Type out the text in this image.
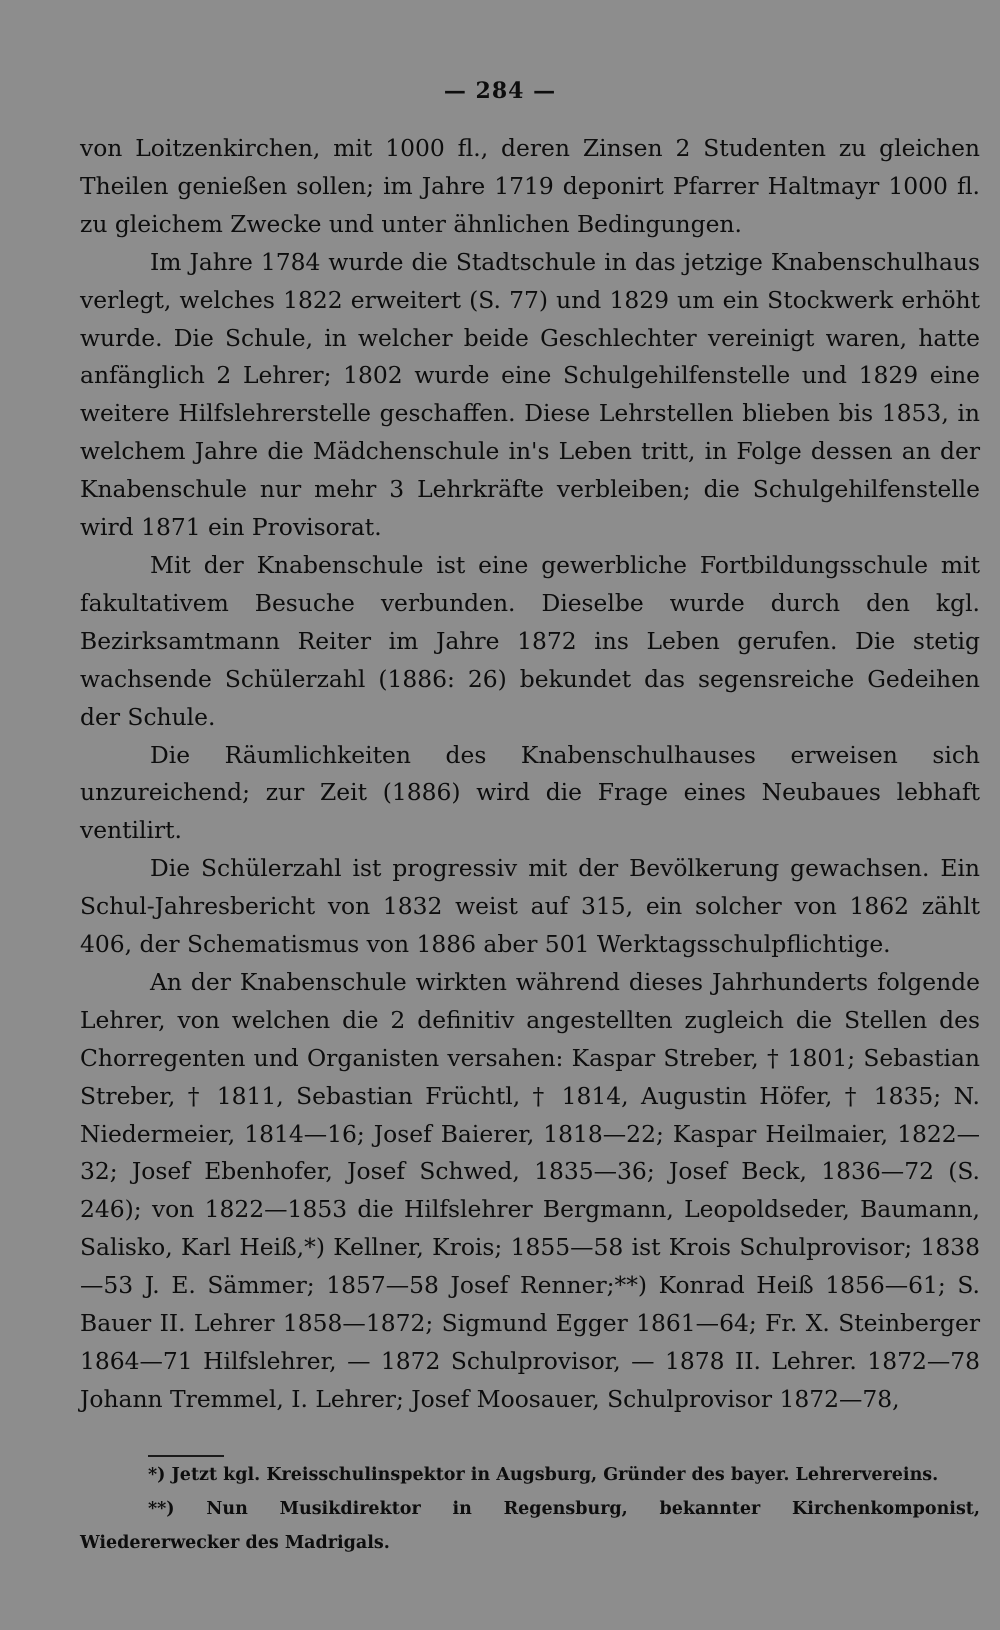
— 284 —

von Loitzenkirchen, mit 1000 fl., deren Zinsen 2 Studenten zu gleichen Theilen genießen sollen; im Jahre 1719 deponirt Pfarrer Haltmayr 1000 fl. zu gleichem Zwecke und unter ähnlichen Bedingungen.

Im Jahre 1784 wurde die Stadtschule in das jetzige Knabenschulhaus verlegt, welches 1822 erweitert (S. 77) und 1829 um ein Stockwerk erhöht wurde. Die Schule, in welcher beide Geschlechter vereinigt waren, hatte anfänglich 2 Lehrer; 1802 wurde eine Schulgehilfenstelle und 1829 eine weitere Hilfslehrerstelle geschaffen. Diese Lehrstellen blieben bis 1853, in welchem Jahre die Mädchenschule in's Leben tritt, in Folge dessen an der Knabenschule nur mehr 3 Lehrkräfte verbleiben; die Schulgehilfenstelle wird 1871 ein Provisorat.

Mit der Knabenschule ist eine gewerbliche Fortbildungsschule mit fakultativem Besuche verbunden. Dieselbe wurde durch den kgl. Bezirksamtmann Reiter im Jahre 1872 ins Leben gerufen. Die stetig wachsende Schülerzahl (1886: 26) bekundet das segensreiche Gedeihen der Schule.

Die Räumlichkeiten des Knabenschulhauses erweisen sich unzureichend; zur Zeit (1886) wird die Frage eines Neubaues lebhaft ventilirt.

Die Schülerzahl ist progressiv mit der Bevölkerung gewachsen. Ein Schul-Jahresbericht von 1832 weist auf 315, ein solcher von 1862 zählt 406, der Schematismus von 1886 aber 501 Werktagsschulpflichtige.

An der Knabenschule wirkten während dieses Jahrhunderts folgende Lehrer, von welchen die 2 definitiv angestellten zugleich die Stellen des Chorregenten und Organisten versahen: Kaspar Streber, † 1801; Sebastian Streber, † 1811, Sebastian Früchtl, † 1814, Augustin Höfer, † 1835; N. Niedermeier, 1814—16; Josef Baierer, 1818—22; Kaspar Heilmaier, 1822—32; Josef Ebenhofer, Josef Schwed, 1835—36; Josef Beck, 1836—72 (S. 246); von 1822—1853 die Hilfslehrer Bergmann, Leopoldseder, Baumann, Salisko, Karl Heiß,*) Kellner, Krois; 1855—58 ist Krois Schulprovisor; 1838—53 J. E. Sämmer; 1857—58 Josef Renner;**) Konrad Heiß 1856—61; S. Bauer II. Lehrer 1858—1872; Sigmund Egger 1861—64; Fr. X. Steinberger 1864—71 Hilfslehrer, — 1872 Schulprovisor, — 1878 II. Lehrer. 1872—78 Johann Tremmel, I. Lehrer; Josef Moosauer, Schulprovisor 1872—78,

*) Jetzt kgl. Kreisschulinspektor in Augsburg, Gründer des bayer. Lehrervereins.

**) Nun Musikdirektor in Regensburg, bekannter Kirchenkomponist, Wiedererwecker des Madrigals.
